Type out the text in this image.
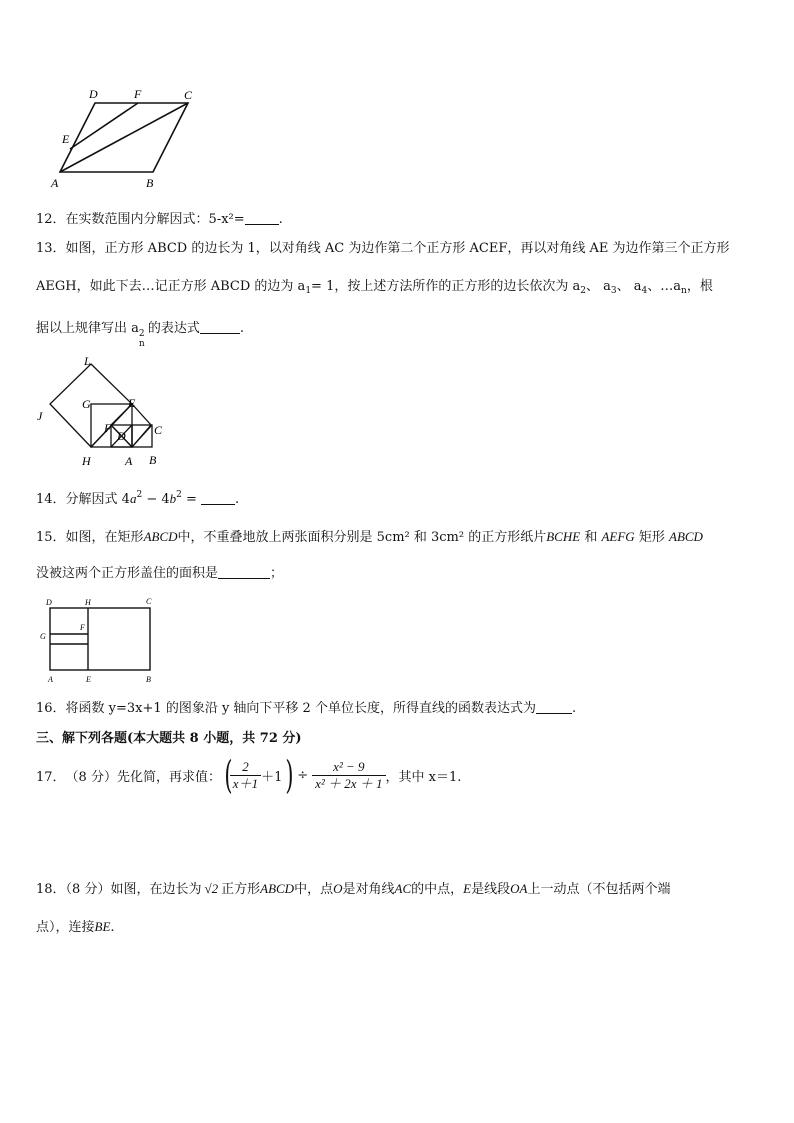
D	F	C
E
A	B
12．在实数范围内分解因式：5-x²=	.
13．如图，正方形 ABCD 的边长为 1，以对角线 AC 为边作第二个正方形 ACEF，再以对角线 AE 为边作第三个正方形
AEGH，如此下去…记正方形 ABCD 的边为 $a_1= 1$，按上述方法所作的正方形的边长依次为 $a_2$、 $a_3$、 $a_4$、$\dots a_n$，根
据以上规律写出 a 2
n
的表达式	.
L
J
G	E
F
D C
H	A B
14．分解因式 $4a^2 - 4b^2$ =	.
15．如图，在矩形ABCD中，不重叠地放上两张面积分别是 5cm² 和 3cm² 的正方形纸片BCHE 和 AEFG 矩形 ABCD
没被这两个正方形盖住的面积是	；
D	H	C
G
F
A	E	B
16．将函数 y=3x+1 的图象沿 y 轴向下平移 2 个单位长度，所得直线的函数表达式为	.
三、解下列各题(本大题共 8 小题，共 72 分)
17． （8 分） 先化简，再求值： (
$\frac{2}{x+1} +1$ ) ÷ $\frac{\text{x² − 9}}{\text{x² ＋ 2x ＋ 1}}$ ，其中 x＝1.
18．（8 分）如图，在边长为 √2 正方形ABCD中，点O是对角线AC的中点，E是线段OA上一动点（不包括两个端
点），连接BE.
